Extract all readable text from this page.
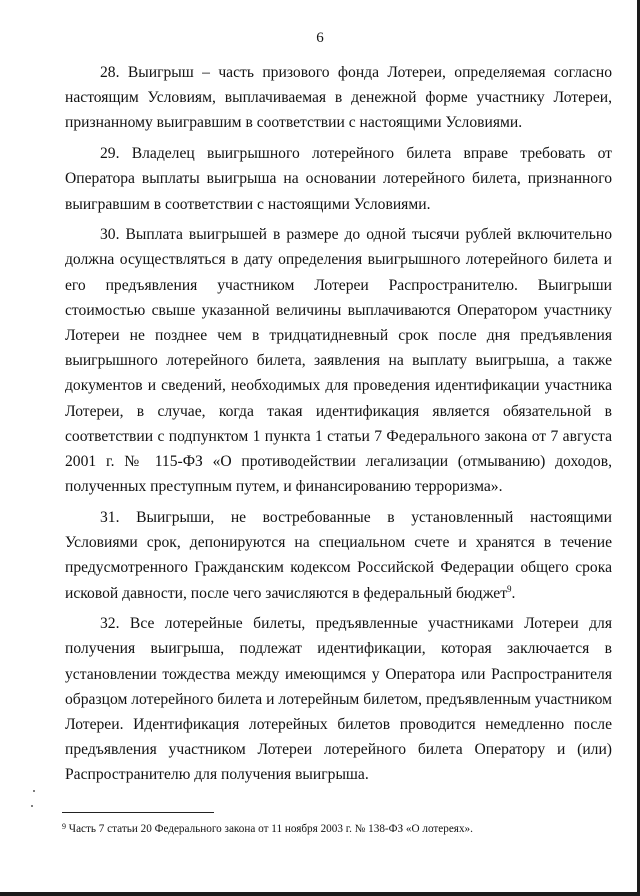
6

28. Выигрыш – часть призового фонда Лотереи, определяемая согласно настоящим Условиям, выплачиваемая в денежной форме участнику Лотереи, признанному выигравшим в соответствии с настоящими Условиями.

29. Владелец выигрышного лотерейного билета вправе требовать от Оператора выплаты выигрыша на основании лотерейного билета, признанного выигравшим в соответствии с настоящими Условиями.

30. Выплата выигрышей в размере до одной тысячи рублей включительно должна осуществляться в дату определения выигрышного лотерейного билета и его предъявления участником Лотереи Распространителю. Выигрыши стоимостью свыше указанной величины выплачиваются Оператором участнику Лотереи не позднее чем в тридцатидневный срок после дня предъявления выигрышного лотерейного билета, заявления на выплату выигрыша, а также документов и сведений, необходимых для проведения идентификации участника Лотереи, в случае, когда такая идентификация является обязательной в соответствии с подпунктом 1 пункта 1 статьи 7 Федерального закона от 7 августа 2001 г. № 115-ФЗ «О противодействии легализации (отмыванию) доходов, полученных преступным путем, и финансированию терроризма».

31. Выигрыши, не востребованные в установленный настоящими Условиями срок, депонируются на специальном счете и хранятся в течение предусмотренного Гражданским кодексом Российской Федерации общего срока исковой давности, после чего зачисляются в федеральный бюджет$^9$.

32. Все лотерейные билеты, предъявленные участниками Лотереи для получения выигрыша, подлежат идентификации, которая заключается в установлении тождества между имеющимся у Оператора или Распространителя образцом лотерейного билета и лотерейным билетом, предъявленным участником Лотереи. Идентификация лотерейных билетов проводится немедленно после предъявления участником Лотереи лотерейного билета Оператору и (или) Распространителю для получения выигрыша.

$^9$ Часть 7 статьи 20 Федерального закона от 11 ноября 2003 г. № 138-ФЗ «О лотереях».
